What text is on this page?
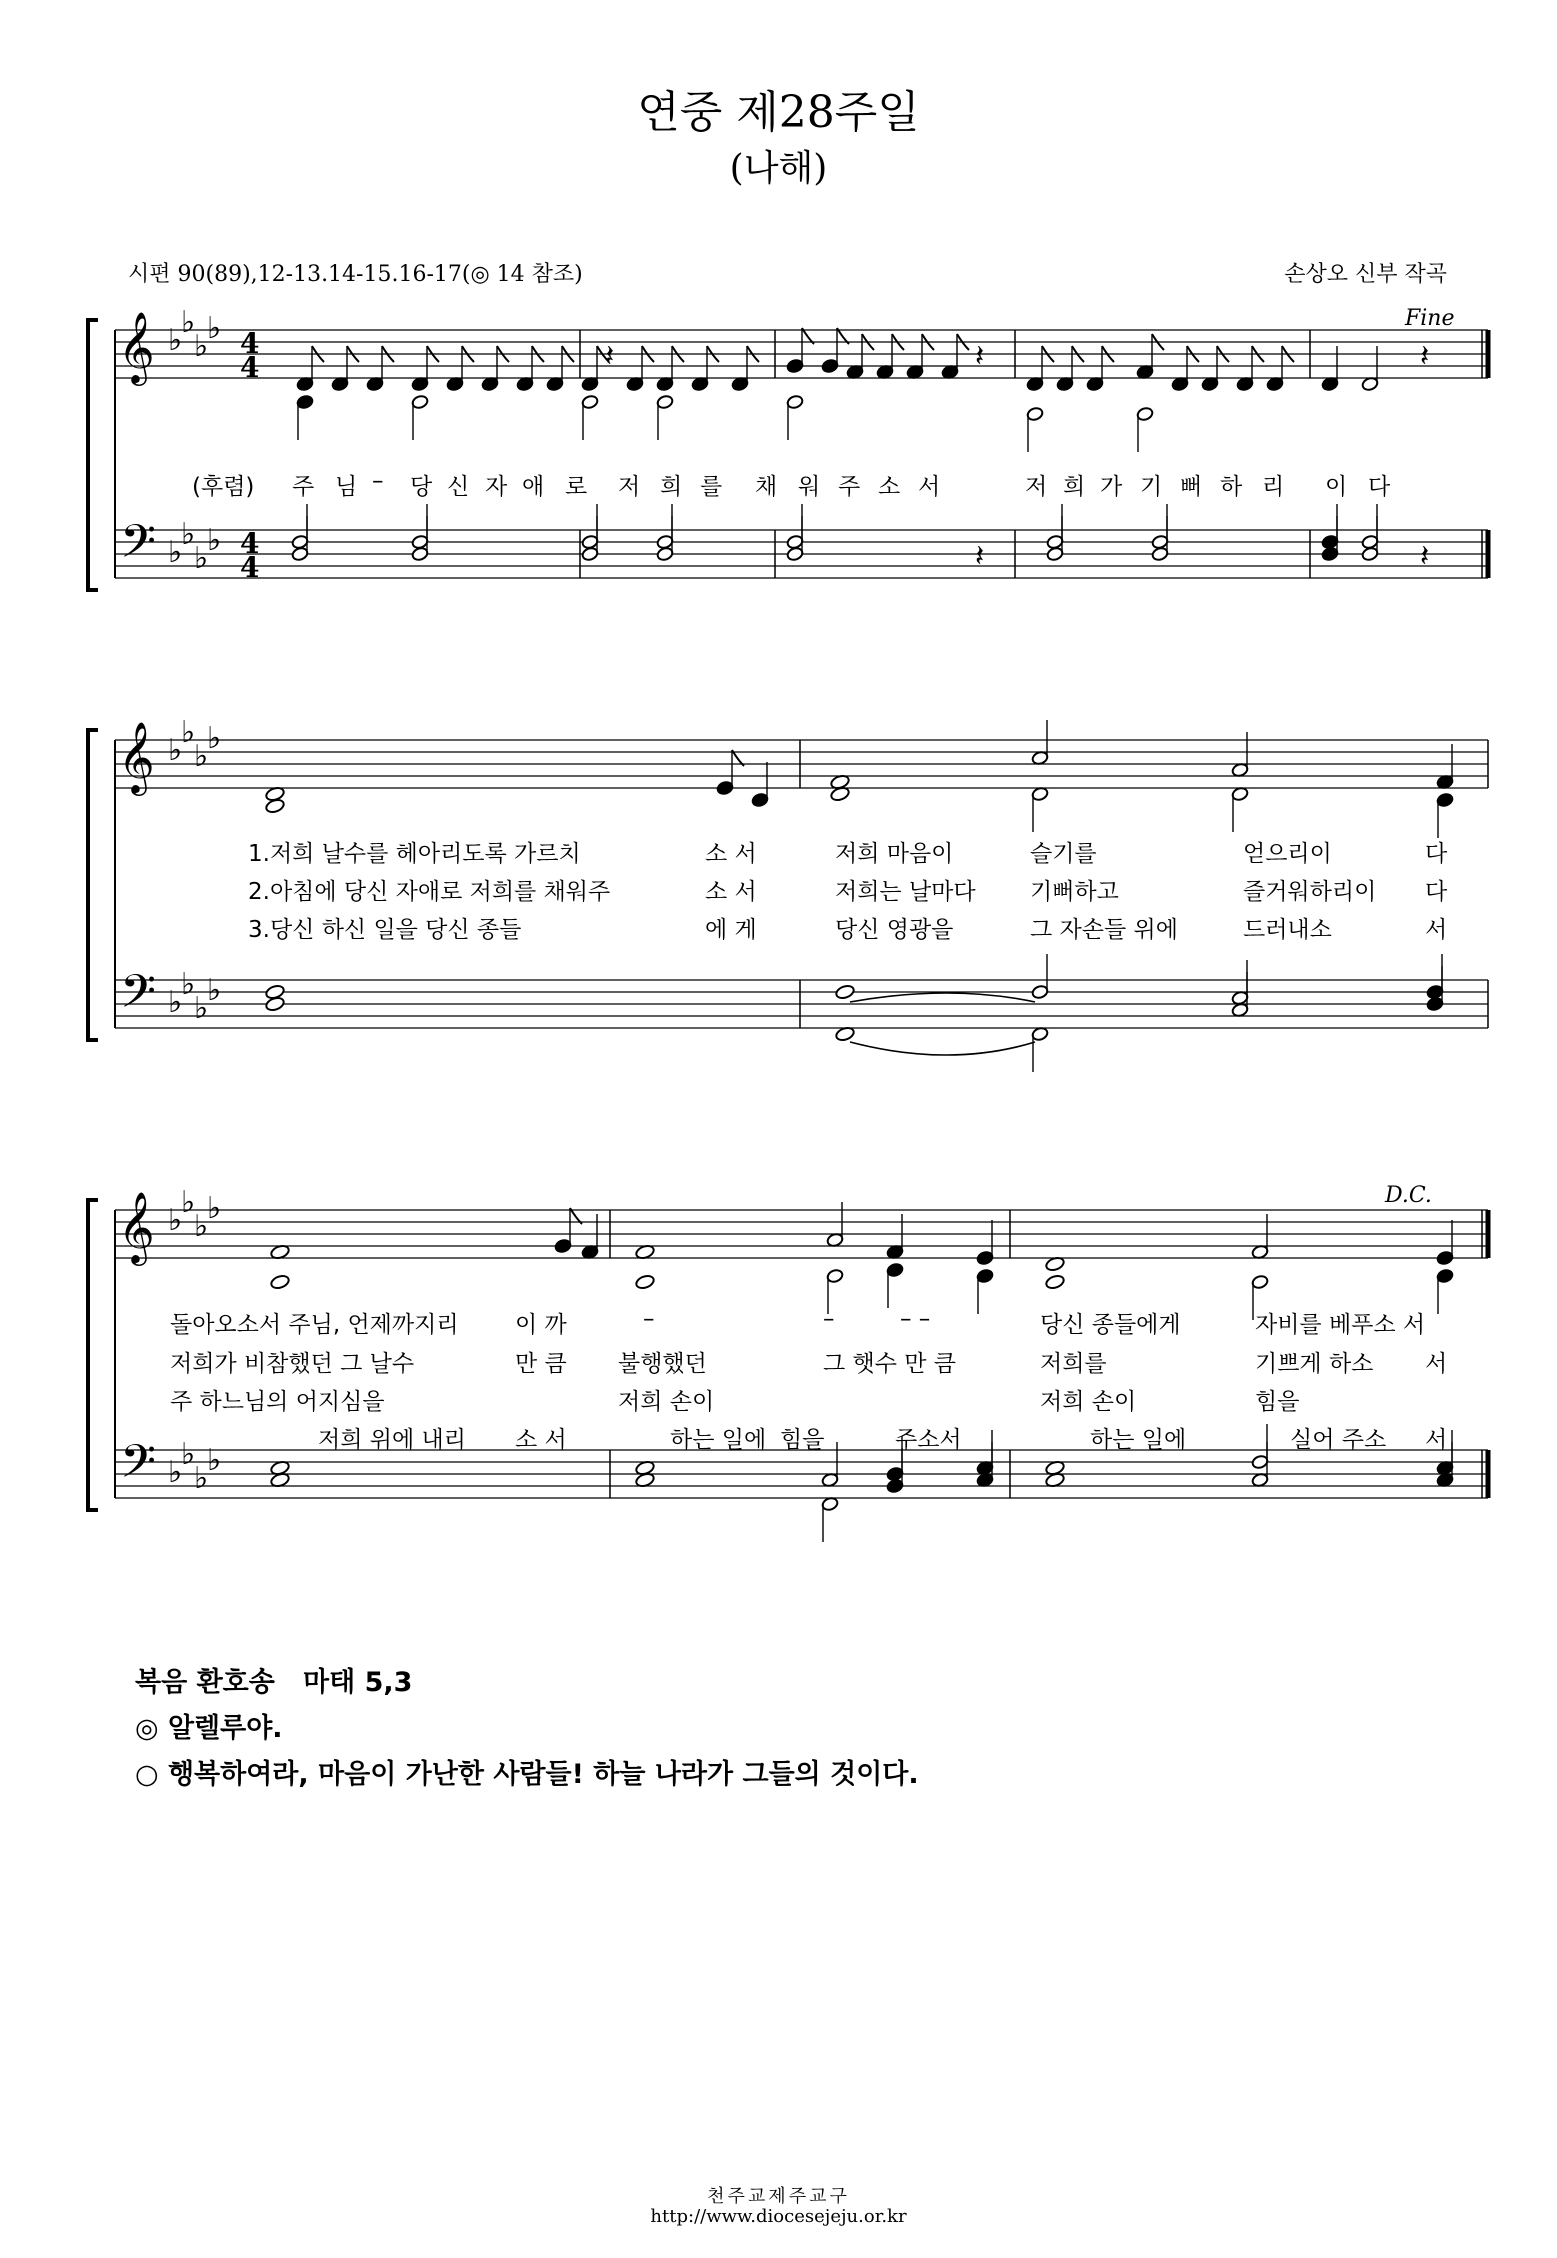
연중 제28주일
(나해)
시편 90(89),12-13.14-15.16-17(◎ 14 참조)	손상오 신부 작곡
𝄞
𝄢
♭
♭
♭
♭
♭
♭
♭
♭
4
4
4
4
𝄽	𝄽	𝄽
𝄽	𝄽
𝄞
𝄢
♭
♭
♭
♭
♭
♭
♭
♭
𝄞
𝄢
♭
♭
♭
♭
♭
♭
♭
♭
Fine
D.C.
(후렴) 주 님 – 당 신 자 애 로 저 희 를 채 워 주 소 서	저 희 가 기 뻐 하 리 이 다
1.저희 날수를 헤아리도록 가르치	소 서	저희 마음이	슬기를	얻으리이	다
2.아침에 당신 자애로 저희를 채워주	소 서	저희는 날마다 기뻐하고	즐거워하리이 다
3.당신 하신 일을 당신 종들	에 게	당신 영광을	그 자손들 위에	드러내소	서
돌아오소서 주님, 언제까지리 이 까	–	–	– –	당신 종들에게	자비를 베푸소 서
저희가 비참했던 그 날수	만 큼 불행했던	그 햇수 만 큼	저희를	기쁘게 하소 서
주 하느님의 어지심을	저희 손이	저희 손이	힘을
저희 위에 내리 소 서	하는 일에 힘을	주소서	하는 일에	실어 주소 서
복음 환호송 마태 5,3
◎ 알렐루야.
○ 행복하여라, 마음이 가난한 사람들! 하늘 나라가 그들의 것이다.
천주교제주교구
http://www.diocesejeju.or.kr
